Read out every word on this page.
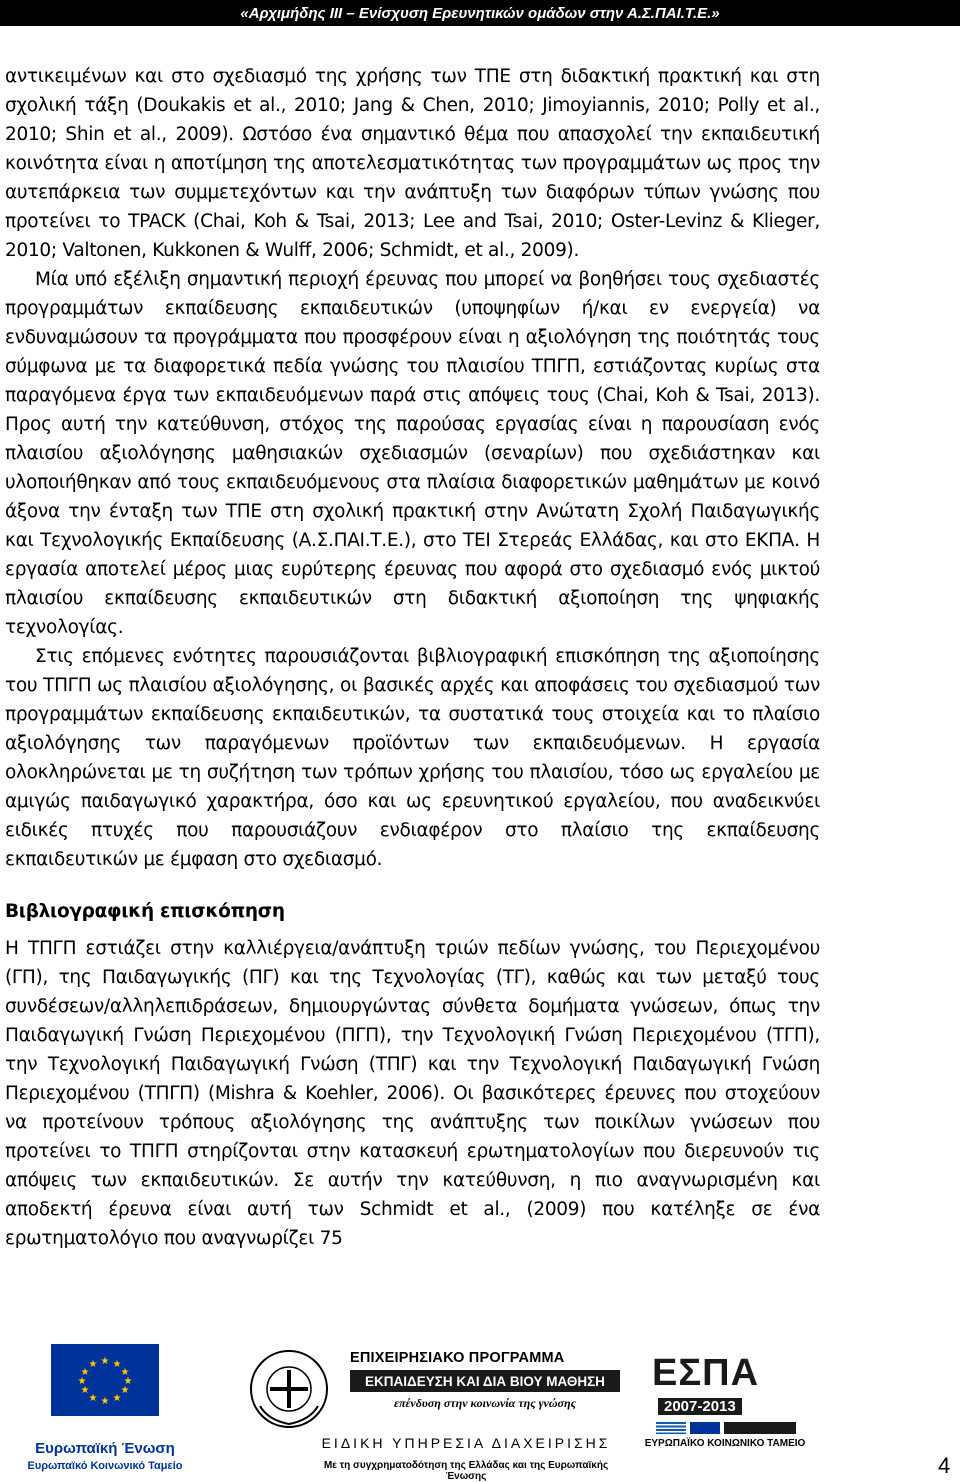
«Αρχιμήδης ΙΙΙ – Ενίσχυση Ερευνητικών ομάδων στην Α.Σ.ΠΑΙ.Τ.Ε.»

αντικειμένων και στο σχεδιασμό της χρήσης των ΤΠΕ στη διδακτική πρακτική και στη σχολική τάξη (Doukakis et al., 2010; Jang & Chen, 2010; Jimoyiannis, 2010; Polly et al., 2010; Shin et al., 2009). Ωστόσο ένα σημαντικό θέμα που απασχολεί την εκπαιδευτική κοινότητα είναι η αποτίμηση της αποτελεσματικότητας των προγραμμάτων ως προς την αυτεπάρκεια των συμμετεχόντων και την ανάπτυξη των διαφόρων τύπων γνώσης που προτείνει το TPACK (Chai, Koh & Tsai, 2013; Lee and Tsai, 2010; Oster-Levinz & Klieger, 2010; Valtonen, Kukkonen & Wulff, 2006; Schmidt, et al., 2009).

Μία υπό εξέλιξη σημαντική περιοχή έρευνας που μπορεί να βοηθήσει τους σχεδιαστές προγραμμάτων εκπαίδευσης εκπαιδευτικών (υποψηφίων ή/και εν ενεργεία) να ενδυναμώσουν τα προγράμματα που προσφέρουν είναι η αξιολόγηση της ποιότητάς τους σύμφωνα με τα διαφορετικά πεδία γνώσης του πλαισίου ΤΠΓΠ, εστιάζοντας κυρίως στα παραγόμενα έργα των εκπαιδευόμενων παρά στις απόψεις τους (Chai, Koh & Tsai, 2013). Προς αυτή την κατεύθυνση, στόχος της παρούσας εργασίας είναι η παρουσίαση ενός πλαισίου αξιολόγησης μαθησιακών σχεδιασμών (σεναρίων) που σχεδιάστηκαν και υλοποιήθηκαν από τους εκπαιδευόμενους στα πλαίσια διαφορετικών μαθημάτων με κοινό άξονα την ένταξη των ΤΠΕ στη σχολική πρακτική στην Ανώτατη Σχολή Παιδαγωγικής και Τεχνολογικής Εκπαίδευσης (Α.Σ.ΠΑΙ.Τ.Ε.), στο ΤΕΙ Στερεάς Ελλάδας, και στο ΕΚΠΑ. Η εργασία αποτελεί μέρος μιας ευρύτερης έρευνας που αφορά στο σχεδιασμό ενός μικτού πλαισίου εκπαίδευσης εκπαιδευτικών στη διδακτική αξιοποίηση της ψηφιακής τεχνολογίας.

Στις επόμενες ενότητες παρουσιάζονται βιβλιογραφική επισκόπηση της αξιοποίησης του ΤΠΓΠ ως πλαισίου αξιολόγησης, οι βασικές αρχές και αποφάσεις του σχεδιασμού των προγραμμάτων εκπαίδευσης εκπαιδευτικών, τα συστατικά τους στοιχεία και το πλαίσιο αξιολόγησης των παραγόμενων προϊόντων των εκπαιδευόμενων. Η εργασία ολοκληρώνεται με τη συζήτηση των τρόπων χρήσης του πλαισίου, τόσο ως εργαλείου με αμιγώς παιδαγωγικό χαρακτήρα, όσο και ως ερευνητικού εργαλείου, που αναδεικνύει ειδικές πτυχές που παρουσιάζουν ενδιαφέρον στο πλαίσιο της εκπαίδευσης εκπαιδευτικών με έμφαση στο σχεδιασμό.

Βιβλιογραφική επισκόπηση

Η ΤΠΓΠ εστιάζει στην καλλιέργεια/ανάπτυξη τριών πεδίων γνώσης, του Περιεχομένου (ΓΠ), της Παιδαγωγικής (ΠΓ) και της Τεχνολογίας (ΤΓ), καθώς και των μεταξύ τους συνδέσεων/αλληλεπιδράσεων, δημιουργώντας σύνθετα δομήματα γνώσεων, όπως την Παιδαγωγική Γνώση Περιεχομένου (ΠΓΠ), την Τεχνολογική Γνώση Περιεχομένου (ΤΓΠ), την Τεχνολογική Παιδαγωγική Γνώση (ΤΠΓ) και την Τεχνολογική Παιδαγωγική Γνώση Περιεχομένου (ΤΠΓΠ) (Mishra & Koehler, 2006). Οι βασικότερες έρευνες που στοχεύουν να προτείνουν τρόπους αξιολόγησης της ανάπτυξης των ποικίλων γνώσεων που προτείνει το ΤΠΓΠ στηρίζονται στην κατασκευή ερωτηματολογίων που διερευνούν τις απόψεις των εκπαιδευτικών. Σε αυτήν την κατεύθυνση, η πιο αναγνωρισμένη και αποδεκτή έρευνα είναι αυτή των Schmidt et al., (2009) που κατέληξε σε ένα ερωτηματολόγιο που αναγνωρίζει 75

★ ★
★
★
★
★
★
★
★
★
★
★
Ευρωπαϊκή Ένωση
Ευρωπαϊκό Κοινωνικό Ταμείο
ΕΠΙΧΕΙΡΗΣΙΑΚΟ ΠΡΟΓΡΑΜΜΑ
ΕΚΠΑΙΔΕΥΣΗ ΚΑΙ ΔΙΑ ΒΙΟΥ ΜΑΘΗΣΗ
επένδυση στην κοινωνία της γνώσης
ΕΙΔΙΚΗ ΥΠΗΡΕΣΙΑ ΔΙΑΧΕΙΡΙΣΗΣ
Με τη συγχρηματοδότηση της Ελλάδας και της Ευρωπαϊκής Ένωσης
ΕΣΠΑ
2007-2013
ΕΥΡΩΠΑΪΚΟ ΚΟΙΝΩΝΙΚΟ ΤΑΜΕΙΟ
4
